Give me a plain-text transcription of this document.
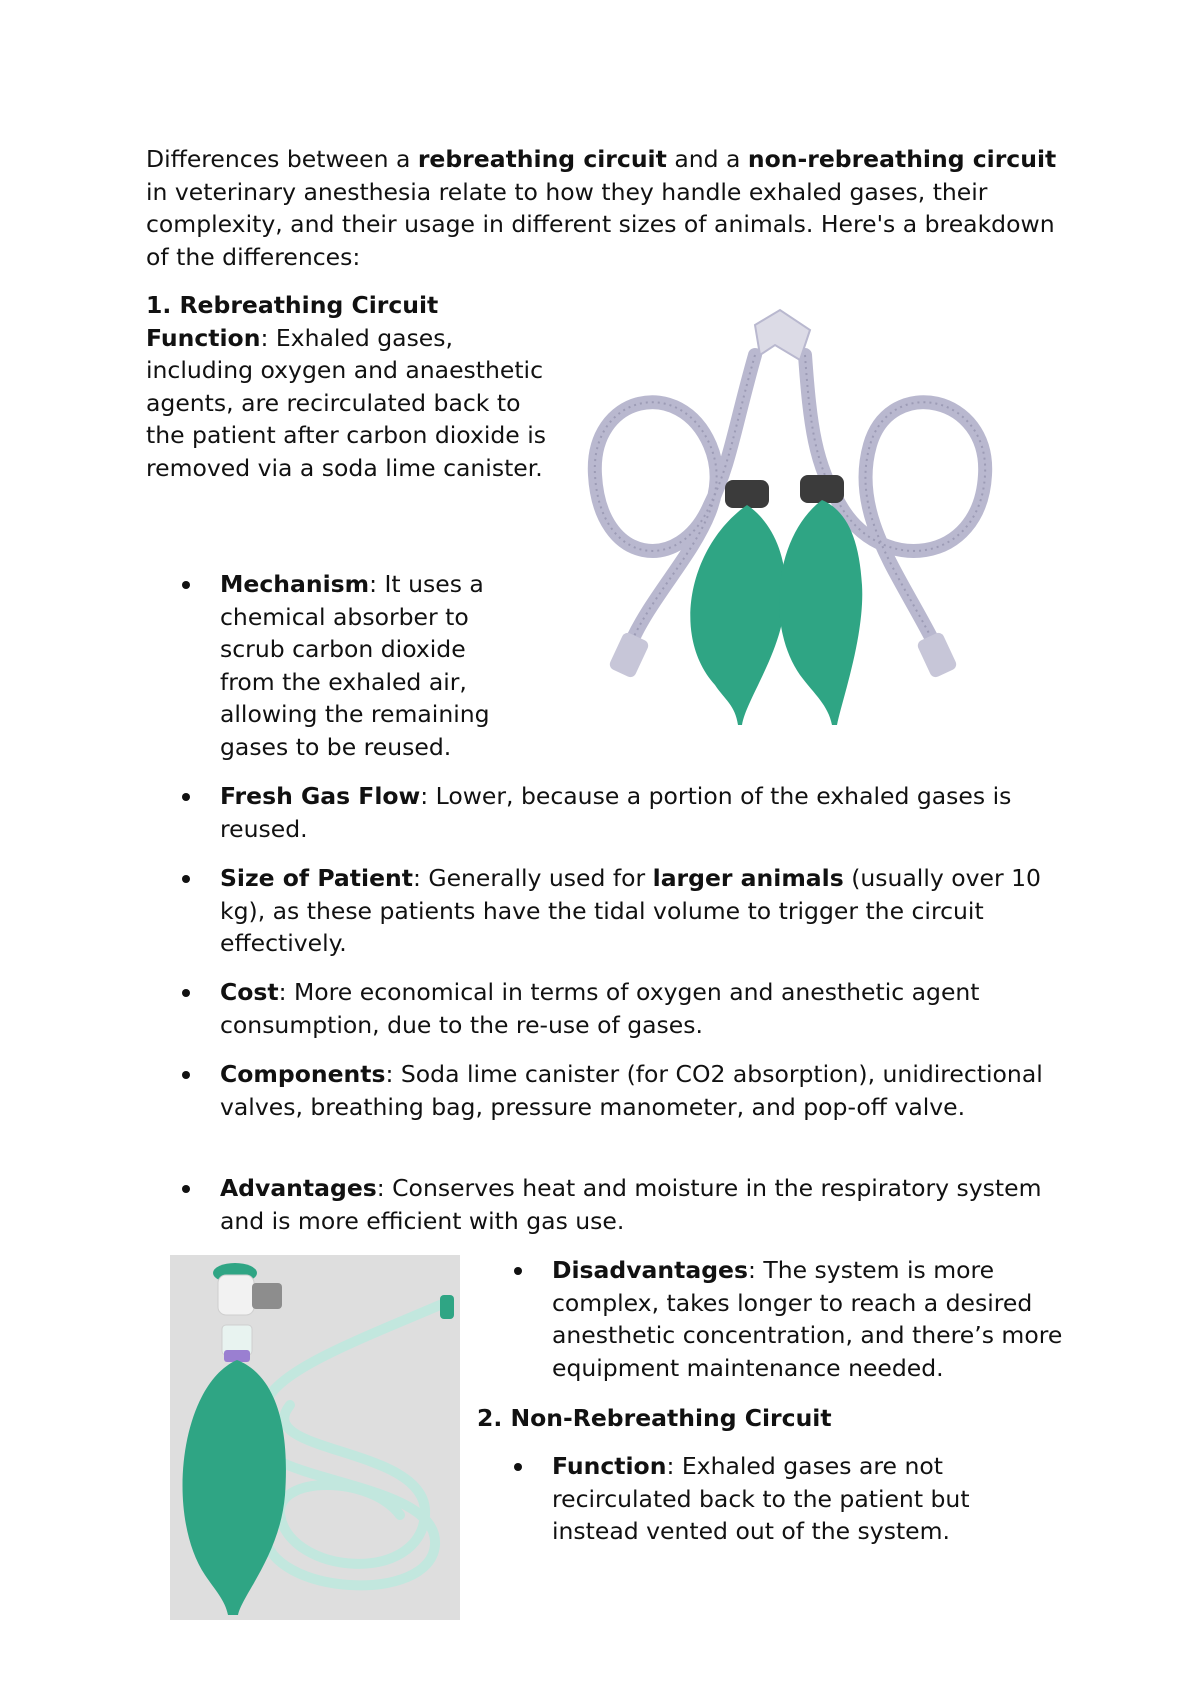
Differences between a rebreathing circuit and a non-rebreathing circuit in veterinary anesthesia relate to how they handle exhaled gases, their complexity, and their usage in different sizes of animals. Here's a breakdown of the differences:

1. Rebreathing Circuit
Function: Exhaled gases, including oxygen and anaesthetic agents, are recirculated back to the patient after carbon dioxide is removed via a soda lime canister.

Mechanism: It uses a chemical absorber to scrub carbon dioxide from the exhaled air, allowing the remaining gases to be reused.
Fresh Gas Flow: Lower, because a portion of the exhaled gases is reused.
Size of Patient: Generally used for larger animals (usually over 10 kg), as these patients have the tidal volume to trigger the circuit effectively.
Cost: More economical in terms of oxygen and anesthetic agent consumption, due to the re-use of gases.
Components: Soda lime canister (for CO2 absorption), unidirectional valves, breathing bag, pressure manometer, and pop-off valve.
Advantages: Conserves heat and moisture in the respiratory system and is more efficient with gas use.
Disadvantages: The system is more complex, takes longer to reach a desired anesthetic concentration, and there’s more equipment maintenance needed.

2. Non-Rebreathing Circuit

Function: Exhaled gases are not recirculated back to the patient but instead vented out of the system.
